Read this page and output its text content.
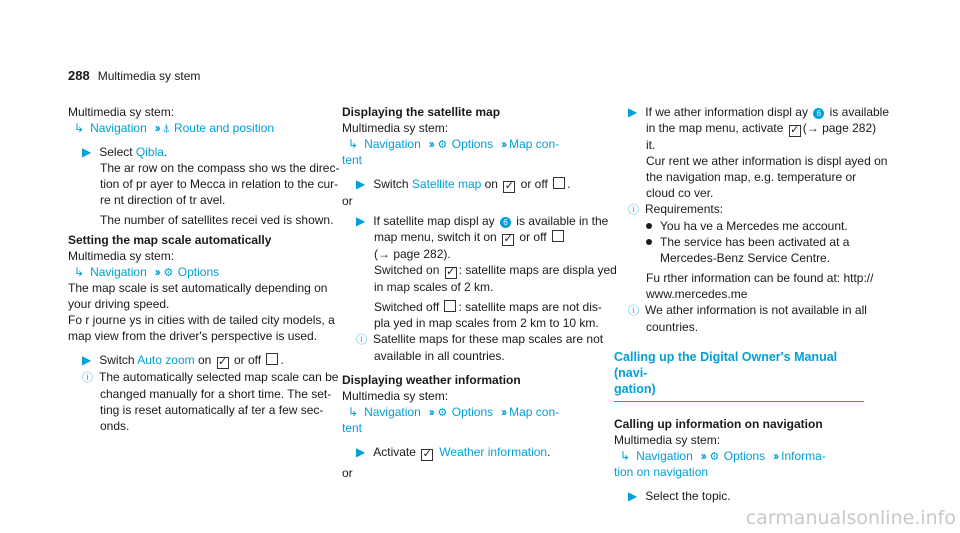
288 Multimedia sy stem
Multimedia sy stem:
↳ Navigation ›› ⍋ Route and position
▶ Select Qibla.
The ar row on the compass sho ws the direc-
tion of pr ayer to Mecca in relation to the cur-
re nt direction of tr avel.
The number of satellites recei ved is shown.
Setting the map scale automatically
Multimedia sy stem:
↳ Navigation ›› ⚙ Options
The map scale is set automatically depending on
your driving speed.
Fo r journe ys in cities with de tailed city models, a
map view from the driver's perspective is used.
▶ Switch Auto zoom on ✓ or off .
ⓘ The automatically selected map scale can be
changed manually for a short time. The set-
ting is reset automatically af ter a few sec-
onds.
Displaying the satellite map
Multimedia sy stem:
↳ Navigation ›› ⚙ Options ›› Map con-
tent
▶ Switch Satellite map on ✓ or off .
or
▶ If satellite map displ ay 6 is available in the
map menu, switch it on ✓ or off
(→ page 282).
Switched on ✓ : satellite maps are displa yed
in map scales of 2 km.
Switched off : satellite maps are not dis-
pla yed in map scales from 2 km to 10 km.
ⓘ Satellite maps for these map scales are not
available in all countries.
Displaying weather information
Multimedia sy stem:
↳ Navigation ›› ⚙ Options ›› Map con-
tent
▶ Activate ✓ Weather information.
or
▶ If we ather information displ ay 6 is available
in the map menu, activate ✓ (→ page 282)
it.
Cur rent we ather information is displ ayed on
the navigation map, e.g. temperature or
cloud co ver.
ⓘ Requirements:
You ha ve a Mercedes me account.
The service has been activated at a
Mercedes-Benz Service Centre.
Fu rther information can be found at: http://
www.mercedes.me
ⓘ We ather information is not available in all
countries.
Calling up the Digital Owner's Manual (navi-
gation)
Calling up information on navigation
Multimedia sy stem:
↳ Navigation ›› ⚙ Options ›› Informa-
tion on navigation
▶ Select the topic.
carmanualsonline.info
